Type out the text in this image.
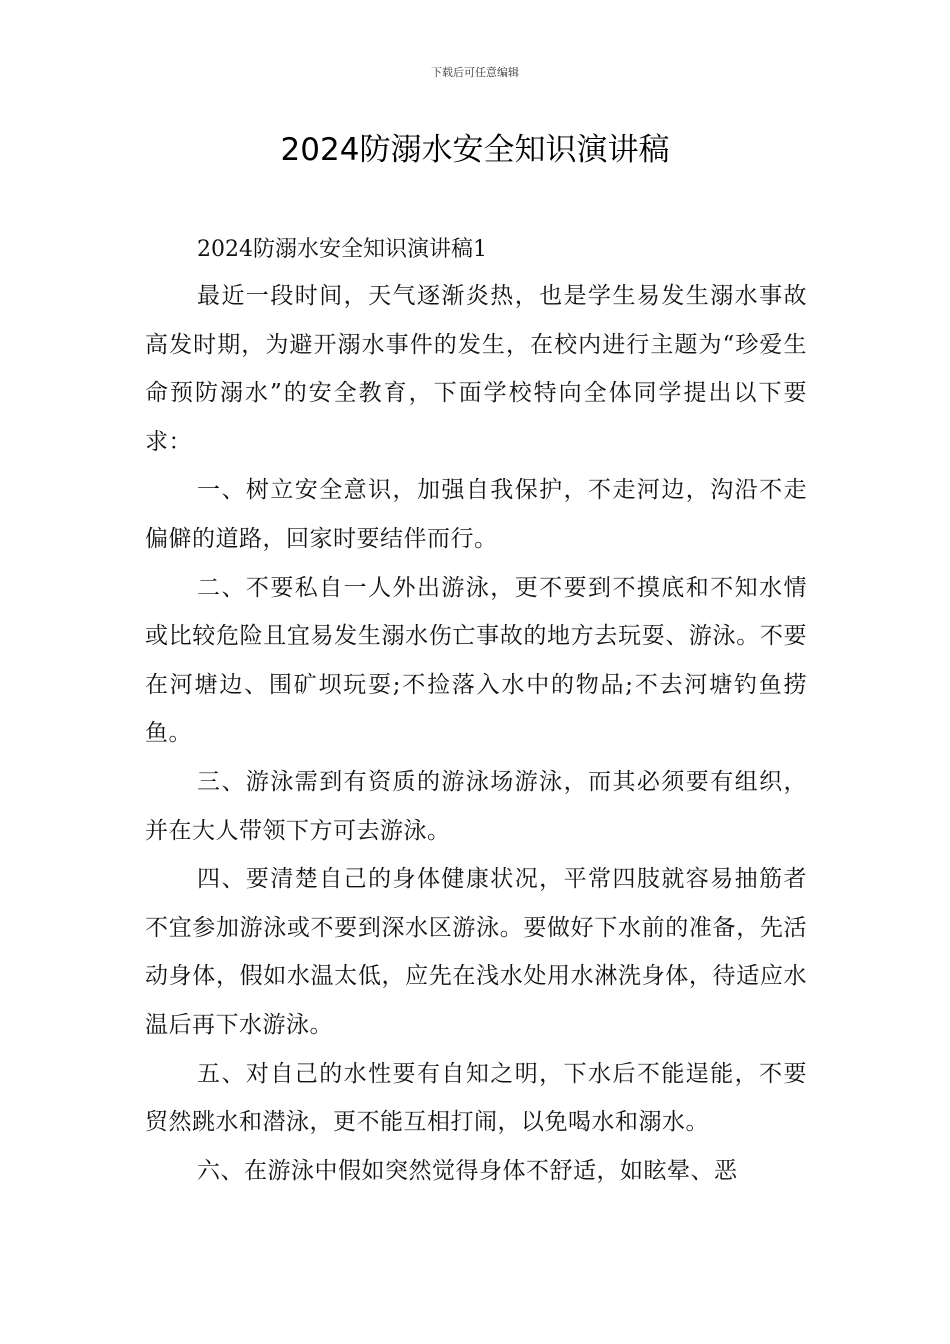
下载后可任意编辑
2024防溺水安全知识演讲稿

2024防溺水安全知识演讲稿1

最近一段时间，天气逐渐炎热，也是学生易发生溺水事故高发时期，为避开溺水事件的发生，在校内进行主题为“珍爱生命预防溺水”的安全教育，下面学校特向全体同学提出以下要求：

一、树立安全意识，加强自我保护，不走河边，沟沿不走偏僻的道路，回家时要结伴而行。

二、不要私自一人外出游泳，更不要到不摸底和不知水情或比较危险且宜易发生溺水伤亡事故的地方去玩耍、游泳。不要在河塘边、围矿坝玩耍;不捡落入水中的物品;不去河塘钓鱼捞鱼。

三、游泳需到有资质的游泳场游泳，而其必须要有组织，并在大人带领下方可去游泳。

四、要清楚自己的身体健康状况，平常四肢就容易抽筋者不宜参加游泳或不要到深水区游泳。要做好下水前的准备，先活动身体，假如水温太低，应先在浅水处用水淋洗身体，待适应水温后再下水游泳。

五、对自己的水性要有自知之明，下水后不能逞能，不要贸然跳水和潜泳，更不能互相打闹，以免喝水和溺水。

六、在游泳中假如突然觉得身体不舒适，如眩晕、恶
